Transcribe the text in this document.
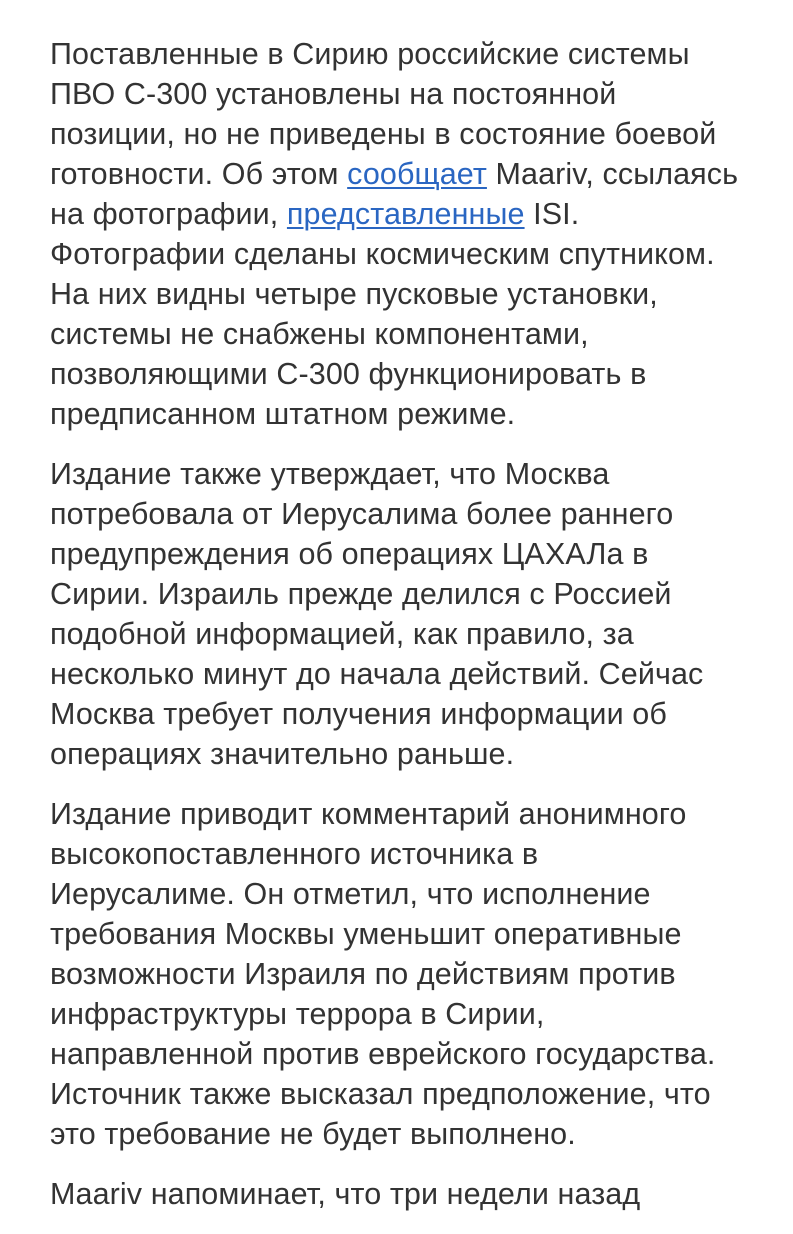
Поставленные в Сирию российские системы
ПВО С-300 установлены на постоянной
позиции, но не приведены в состояние боевой
готовности. Об этом сообщает Maariv, ссылаясь
на фотографии, представленные ISI.
Фотографии сделаны космическим спутником.
На них видны четыре пусковые установки,
системы не снабжены компонентами,
позволяющими С-300 функционировать в
предписанном штатном режиме.
Издание также утверждает, что Москва
потребовала от Иерусалима более раннего
предупреждения об операциях ЦАХАЛа в
Сирии. Израиль прежде делился с Россией
подобной информацией, как правило, за
несколько минут до начала действий. Сейчас
Москва требует получения информации об
операциях значительно раньше.
Издание приводит комментарий анонимного
высокопоставленного источника в
Иерусалиме. Он отметил, что исполнение
требования Москвы уменьшит оперативные
возможности Израиля по действиям против
инфраструктуры террора в Сирии,
направленной против еврейского государства.
Источник также высказал предположение, что
это требование не будет выполнено.
Maariv напоминает, что три недели назад
